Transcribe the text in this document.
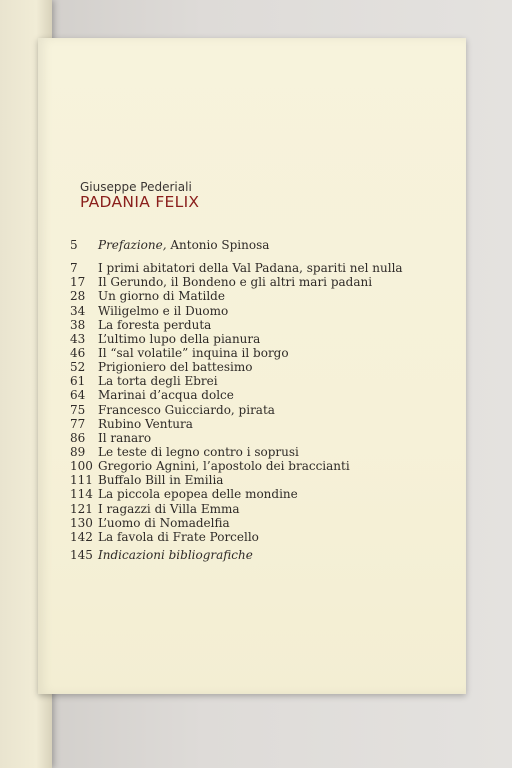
Giuseppe Pederiali
PADANIA FELIX
5	Prefazione, Antonio Spinosa
7	I primi abitatori della Val Padana, spariti nel nulla
17	Il Gerundo, il Bondeno e gli altri mari padani
28	Un giorno di Matilde
34	Wiligelmo e il Duomo
38	La foresta perduta
43	L’ultimo lupo della pianura
46	Il “sal volatile” inquina il borgo
52	Prigioniero del battesimo
61	La torta degli Ebrei
64	Marinai d’acqua dolce
75	Francesco Guicciardo, pirata
77	Rubino Ventura
86	Il ranaro
89	Le teste di legno contro i soprusi
100 Gregorio Agnini, l’apostolo dei braccianti
111 Buffalo Bill in Emilia
114 La piccola epopea delle mondine
121 I ragazzi di Villa Emma
130 L’uomo di Nomadelfia
142 La favola di Frate Porcello
145 Indicazioni bibliografiche
